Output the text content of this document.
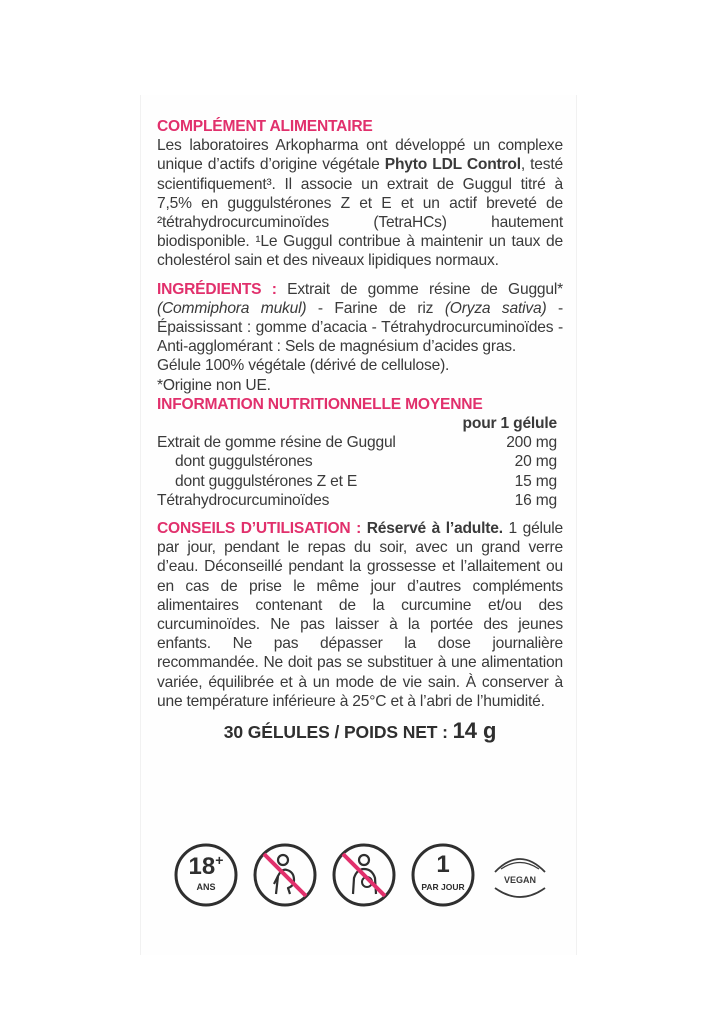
COMPLÉMENT ALIMENTAIRE

Les laboratoires Arkopharma ont développé un complexe unique d’actifs d’origine végétale Phyto LDL Control, testé scientifiquement³. Il associe un extrait de Guggul titré à 7,5% en guggulstérones Z et E et un actif breveté de ²tétrahydrocurcuminoïdes (TetraHCs) hautement biodisponible. ¹Le Guggul contribue à maintenir un taux de cholestérol sain et des niveaux lipidiques normaux.

INGRÉDIENTS : Extrait de gomme résine de Guggul* (Commiphora mukul) - Farine de riz (Oryza sativa) - Épaississant : gomme d’acacia - Tétrahydrocurcuminoïdes - Anti-agglomérant : Sels de magnésium d’acides gras.

Gélule 100% végétale (dérivé de cellulose).

*Origine non UE.

INFORMATION NUTRITIONNELLE MOYENNE

pour 1 gélule
Extrait de gomme résine de Guggul	200 mg
dont guggulstérones	20 mg
dont guggulstérones Z et E	15 mg
Tétrahydrocurcuminoïdes	16 mg

CONSEILS D’UTILISATION : Réservé à l’adulte. 1 gélule par jour, pendant le repas du soir, avec un grand verre d’eau. Déconseillé pendant la grossesse et l’allaitement ou en cas de prise le même jour d’autres compléments alimentaires contenant de la curcumine et/ou des curcuminoïdes. Ne pas laisser à la portée des jeunes enfants. Ne pas dépasser la dose journalière recommandée. Ne doit pas se substituer à une alimentation variée, équilibrée et à un mode de vie sain. À conserver à une température inférieure à 25°C et à l’abri de l’humidité.

30 GÉLULES / POIDS NET : 14 g
18+
ANS
1
PAR JOUR
VEGAN
